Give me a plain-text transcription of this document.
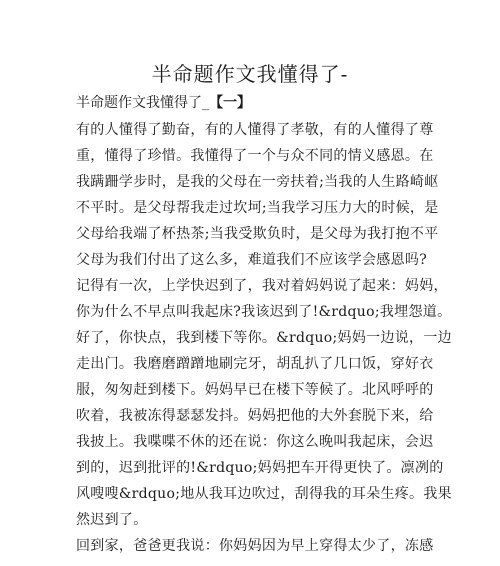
半命题作文我懂得了-
半命题作文我懂得了_【一】
有的人懂得了勤奋，有的人懂得了孝敬，有的人懂得了尊
重，懂得了珍惜。我懂得了一个与众不同的情义感恩。在
我蹒跚学步时，是我的父母在一旁扶着;当我的人生路崎岖
不平时。是父母帮我走过坎坷;当我学习压力大的时候，是
父母给我端了杯热茶;当我受欺负时，是父母为我打抱不平
父母为我们付出了这么多，难道我们不应该学会感恩吗?
记得有一次，上学快迟到了，我对着妈妈说了起来：妈妈，
你为什么不早点叫我起床?我该迟到了!&rdquo;我埋怨道。
好了，你快点，我到楼下等你。&rdquo;妈妈一边说，一边
走出门。我磨磨蹭蹭地刷完牙，胡乱扒了几口饭，穿好衣
服，匆匆赶到楼下。妈妈早已在楼下等候了。北风呼呼的
吹着，我被冻得瑟瑟发抖。妈妈把他的大外套脱下来，给
我披上。我喋喋不休的还在说：你这么晚叫我起床，会迟
到的，迟到批评的!&rdquo;妈妈把车开得更快了。凛冽的
风嗖嗖&rdquo;地从我耳边吹过，刮得我的耳朵生疼。我果
然迟到了。
回到家，爸爸更我说：你妈妈因为早上穿得太少了，冻感
